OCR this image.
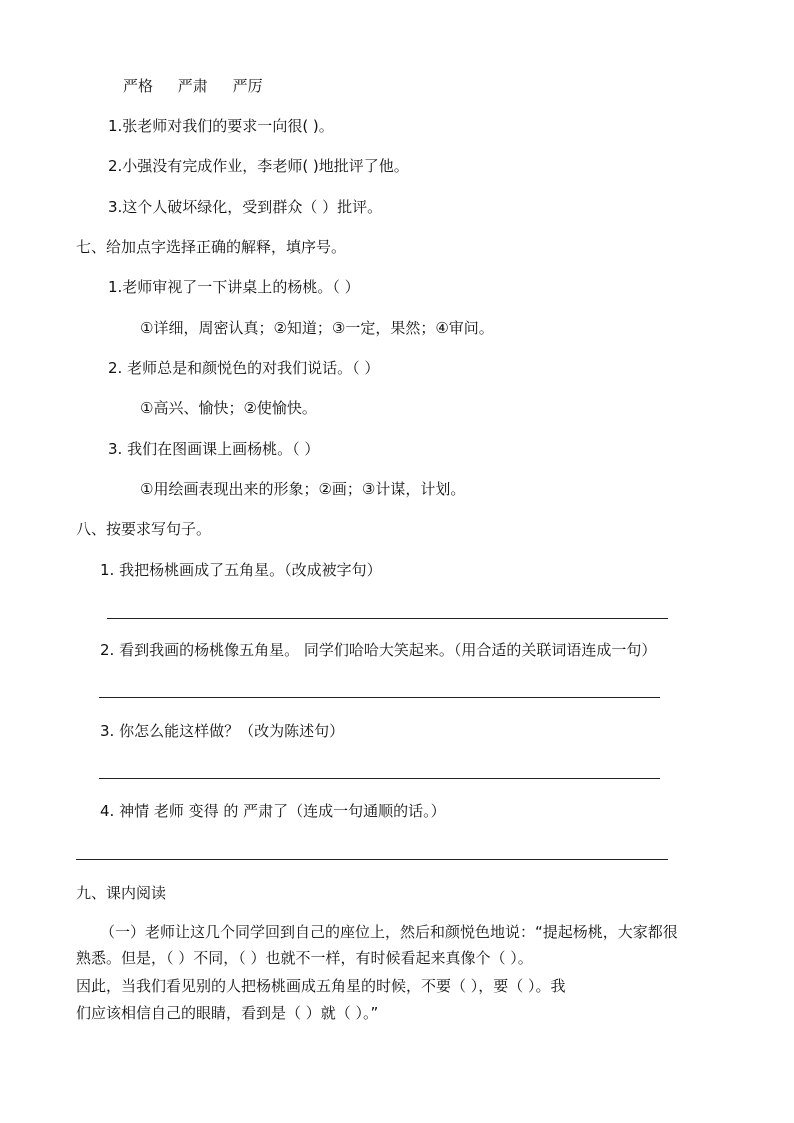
严格 严肃 严厉
1.张老师对我们的要求一向很( )。
2.小强没有完成作业，李老师( )地批评了他。
3.这个人破坏绿化，受到群众（ ）批评。
七、给加点字选择正确的解释，填序号。
1.老师审视了一下讲桌上的杨桃。（ ）
①详细，周密认真；②知道；③一定，果然；④审问。
2. 老师总是和颜悦色的对我们说话。（ ）
①高兴、愉快；②使愉快。
3. 我们在图画课上画杨桃。（ ）
①用绘画表现出来的形象；②画；③计谋，计划。
八、按要求写句子。
1. 我把杨桃画成了五角星。（改成被字句）
2. 看到我画的杨桃像五角星。 同学们哈哈大笑起来。（用合适的关联词语连成一句）
3. 你怎么能这样做？（改为陈述句）
4. 神情 老师 变得 的 严肃了（连成一句通顺的话。）
九、课内阅读
（一）老师让这几个同学回到自己的座位上，然后和颜悦色地说：“提起杨桃，大家都很
熟悉。但是，（ ）不同，（ ）也就不一样，有时候看起来真像个（ ）。
因此，当我们看见别的人把杨桃画成五角星的时候，不要（ ），要（ ）。我
们应该相信自己的眼睛，看到是（ ）就（ ）。”
